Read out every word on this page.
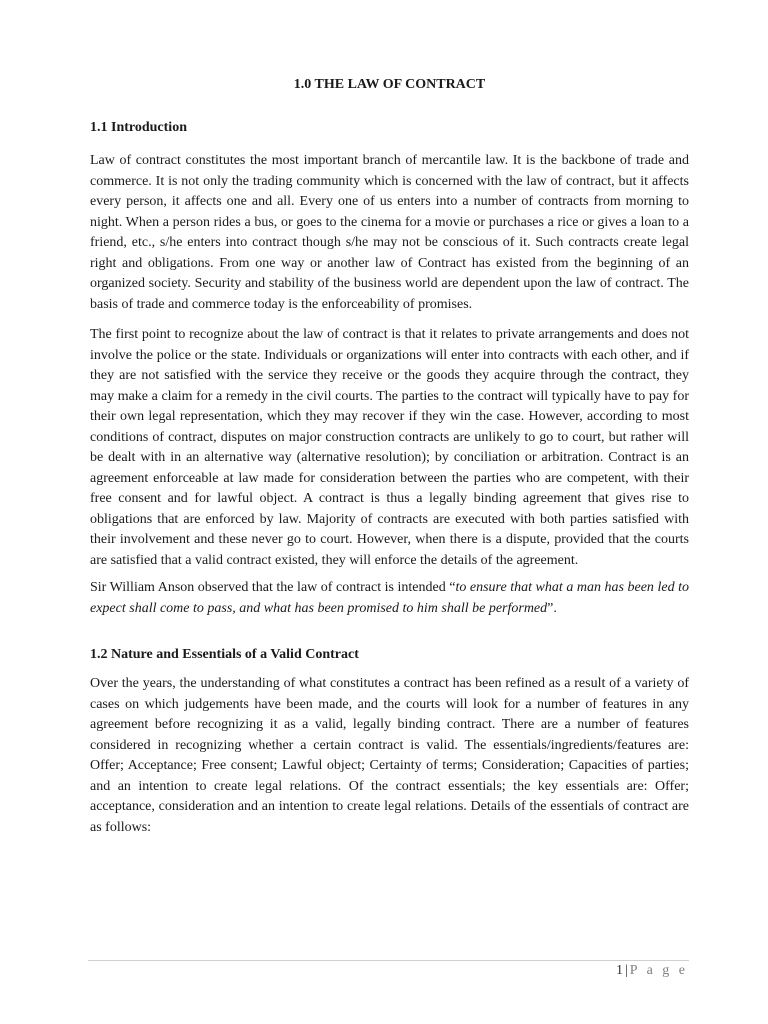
1.0 THE LAW OF CONTRACT
1.1 Introduction

Law of contract constitutes the most important branch of mercantile law. It is the backbone of trade and commerce. It is not only the trading community which is concerned with the law of contract, but it affects every person, it affects one and all. Every one of us enters into a number of contracts from morning to night. When a person rides a bus, or goes to the cinema for a movie or purchases a rice or gives a loan to a friend, etc., s/he enters into contract though s/he may not be conscious of it. Such contracts create legal right and obligations. From one way or another law of Contract has existed from the beginning of an organized society. Security and stability of the business world are dependent upon the law of contract. The basis of trade and commerce today is the enforceability of promises.

The first point to recognize about the law of contract is that it relates to private arrangements and does not involve the police or the state. Individuals or organizations will enter into contracts with each other, and if they are not satisfied with the service they receive or the goods they acquire through the contract, they may make a claim for a remedy in the civil courts. The parties to the contract will typically have to pay for their own legal representation, which they may recover if they win the case. However, according to most conditions of contract, disputes on major construction contracts are unlikely to go to court, but rather will be dealt with in an alternative way (alternative resolution); by conciliation or arbitration. Contract is an agreement enforceable at law made for consideration between the parties who are competent, with their free consent and for lawful object. A contract is thus a legally binding agreement that gives rise to obligations that are enforced by law. Majority of contracts are executed with both parties satisfied with their involvement and these never go to court. However, when there is a dispute, provided that the courts are satisfied that a valid contract existed, they will enforce the details of the agreement.

Sir William Anson observed that the law of contract is intended “to ensure that what a man has been led to expect shall come to pass, and what has been promised to him shall be performed”.

1.2 Nature and Essentials of a Valid Contract

Over the years, the understanding of what constitutes a contract has been refined as a result of a variety of cases on which judgements have been made, and the courts will look for a number of features in any agreement before recognizing it as a valid, legally binding contract. There are a number of features considered in recognizing whether a certain contract is valid. The essentials/ingredients/features are: Offer; Acceptance; Free consent; Lawful object; Certainty of terms; Consideration; Capacities of parties; and an intention to create legal relations. Of the contract essentials; the key essentials are: Offer; acceptance, consideration and an intention to create legal relations. Details of the essentials of contract are as follows:

1 | P a g e
